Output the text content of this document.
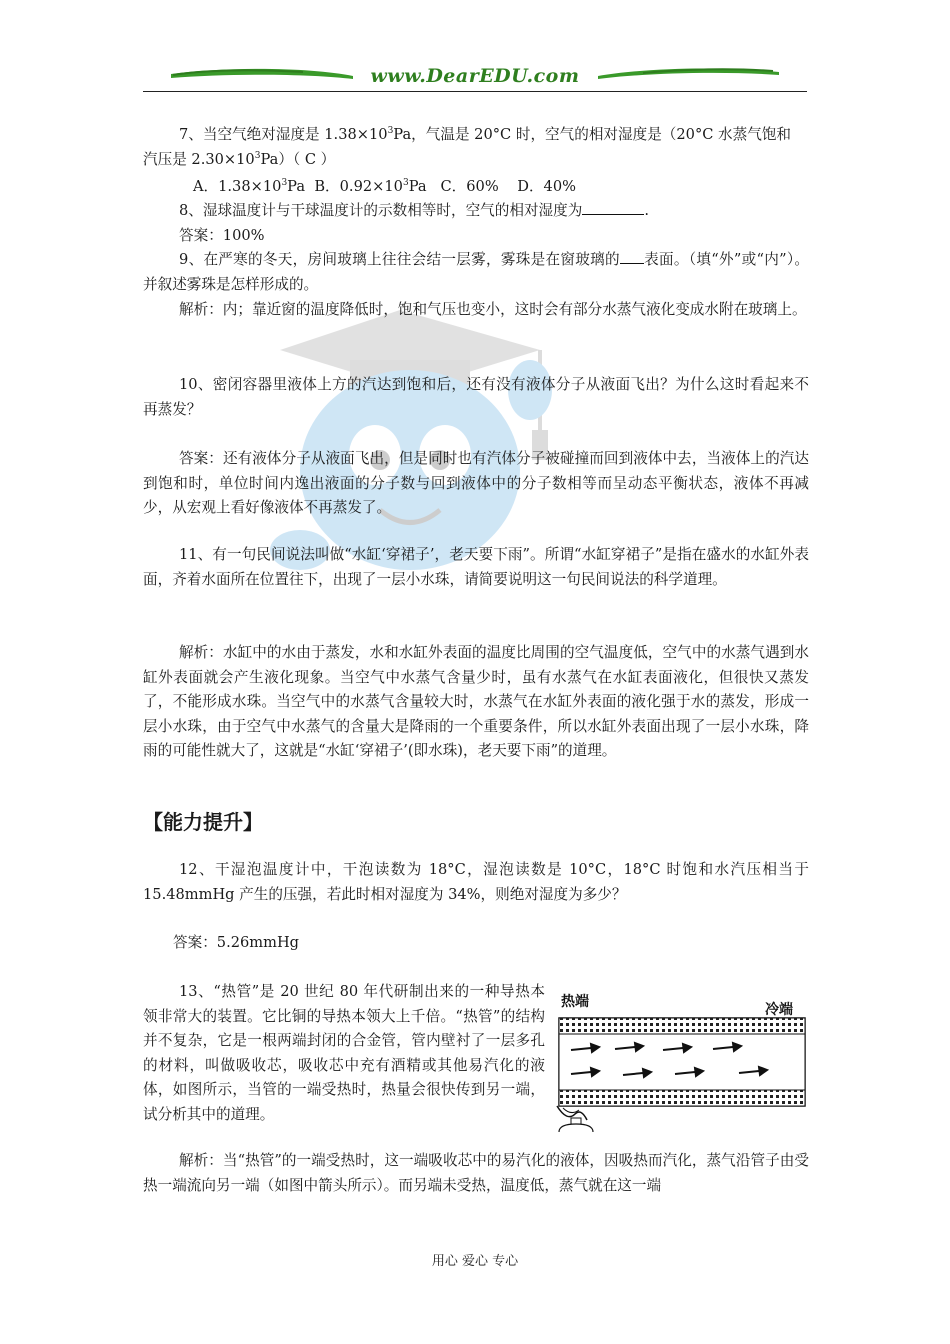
www.DearEDU.com

7、当空气绝对湿度是 $1.38\times 10^3Pa$，气温是 20°C 时，空气的相对湿度是（20°C 水蒸气饱和

汽压是 $2.30\times 10^3Pa$）（ C ）

A．$1.38\times 10^3Pa$ B．$0.92\times 10^3Pa$ C．60% D．40%

8、湿球温度计与干球温度计的示数相等时，空气的相对湿度为	.

答案：100%

9、在严寒的冬天，房间玻璃上往往会结一层雾，雾珠是在窗玻璃的 表面。（填“外”或“内”）。并叙述雾珠是怎样形成的。

解析：内；靠近窗的温度降低时，饱和气压也变小，这时会有部分水蒸气液化变成水附在玻璃上。

10、密闭容器里液体上方的汽达到饱和后，还有没有液体分子从液面飞出？为什么这时看起来不再蒸发？

答案：还有液体分子从液面飞出，但是同时也有汽体分子被碰撞而回到液体中去，当液体上的汽达到饱和时，单位时间内逸出液面的分子数与回到液体中的分子数相等而呈动态平衡状态，液体不再减少，从宏观上看好像液体不再蒸发了。

11、有一句民间说法叫做“水缸‘穿裙子’，老天要下雨”。所谓“水缸穿裙子”是指在盛水的水缸外表面，齐着水面所在位置往下，出现了一层小水珠，请简要说明这一句民间说法的科学道理。

解析：水缸中的水由于蒸发，水和水缸外表面的温度比周围的空气温度低，空气中的水蒸气遇到水缸外表面就会产生液化现象。当空气中水蒸气含量少时，虽有水蒸气在水缸表面液化，但很快又蒸发了，不能形成水珠。当空气中的水蒸气含量较大时，水蒸气在水缸外表面的液化强于水的蒸发，形成一层小水珠，由于空气中水蒸气的含量大是降雨的一个重要条件，所以水缸外表面出现了一层小水珠，降雨的可能性就大了，这就是“水缸‘穿裙子’(即水珠)，老天要下雨”的道理。

【能力提升】

12、干湿泡温度计中，干泡读数为 18°C，湿泡读数是 10°C，18°C 时饱和水汽压相当于 15.48mmHg 产生的压强，若此时相对湿度为 34%，则绝对湿度为多少？

答案：5.26mmHg

13、“热管”是 20 世纪 80 年代研制出来的一种导热本领非常大的装置。它比铜的导热本领大上千倍。“热管”的结构并不复杂，它是一根两端封闭的合金管，管内壁衬了一层多孔的材料，叫做吸收芯，吸收芯中充有酒精或其他易汽化的液体，如图所示，当管的一端受热时，热量会很快传到另一端，试分析其中的道理。

热端	冷端

解析：当“热管”的一端受热时，这一端吸收芯中的易汽化的液体，因吸热而汽化，蒸气沿管子由受热一端流向另一端（如图中箭头所示）。而另端未受热，温度低，蒸气就在这一端

用心 爱心 专心
